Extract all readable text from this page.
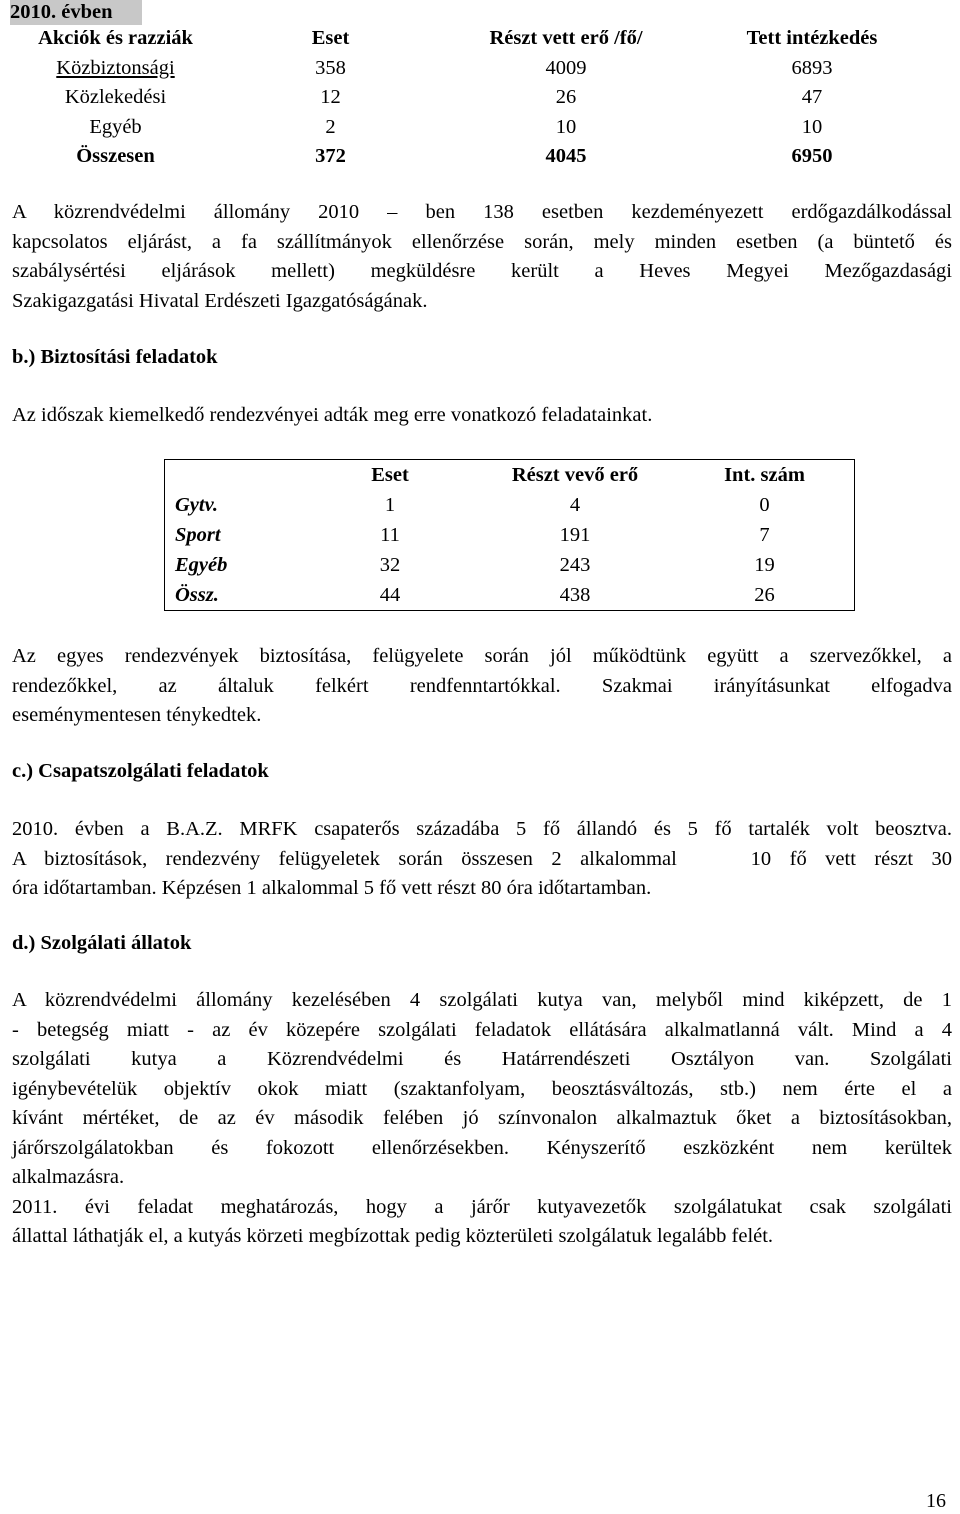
2010. évben
Akciók és razziák	Eset	Részt vett erő /fő/	Tett intézkedés
Közbiztonsági	358	4009	6893
Közlekedési	12	26	47
Egyéb	2	10	10
Összesen	372	4045	6950

A közrendvédelmi állomány 2010 – ben 138 esetben kezdeményezett erdőgazdálkodással

kapcsolatos eljárást, a fa szállítmányok ellenőrzése során, mely minden esetben (a büntető és

szabálysértési eljárások mellett) megküldésre került a Heves Megyei Mezőgazdasági

Szakigazgatási Hivatal Erdészeti Igazgatóságának.

b.) Biztosítási feladatok
Az időszak kiemelkedő rendezvényei adták meg erre vonatkozó feladatainkat.
	Eset	Részt vevő erő	Int. szám
Gytv.	1	4	0
Sport	11	191	7
Egyéb	32	243	19
Össz.	44	438	26

Az egyes rendezvények biztosítása, felügyelete során jól működtünk együtt a szervezőkkel, a

rendezőkkel, az általuk felkért rendfenntartókkal. Szakmai irányításunkat elfogadva

eseménymentesen ténykedtek.

c.) Csapatszolgálati feladatok

2010. évben a B.A.Z. MRFK csapaterős századába 5 fő állandó és 5 fő tartalék volt beosztva.

A biztosítások, rendezvény felügyeletek során összesen 2 alkalommal    10 fő vett részt 30

óra időtartamban. Képzésen 1 alkalommal 5 fő vett részt 80 óra időtartamban.

d.) Szolgálati állatok

A közrendvédelmi állomány kezelésében 4 szolgálati kutya van, melyből mind kiképzett, de 1

- betegség miatt - az év közepére szolgálati feladatok ellátására alkalmatlanná vált. Mind a 4

szolgálati kutya a Közrendvédelmi és Határrendészeti Osztályon van. Szolgálati

igénybevételük objektív okok miatt (szaktanfolyam, beosztásváltozás, stb.) nem érte el a

kívánt mértéket, de az év második felében jó színvonalon alkalmaztuk őket a biztosításokban,

járőrszolgálatokban és fokozott ellenőrzésekben. Kényszerítő eszközként nem kerültek

alkalmazásra.

2011. évi feladat meghatározás, hogy a járőr kutyavezetők szolgálatukat csak szolgálati

állattal láthatják el, a kutyás körzeti megbízottak pedig közterületi szolgálatuk legalább felét.

16
